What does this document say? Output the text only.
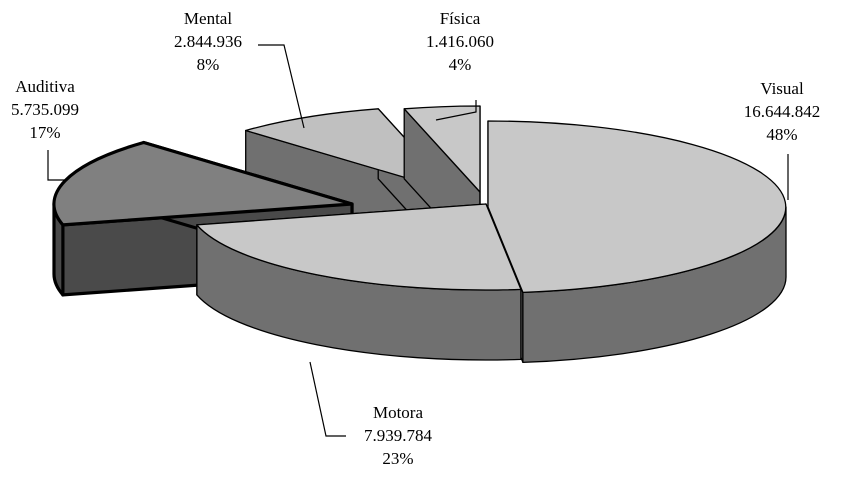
Visual
16.644.842
48%
Motora
7.939.784
23%
Auditiva
5.735.099
17%
Mental
2.844.936
8%
Física
1.416.060
4%
